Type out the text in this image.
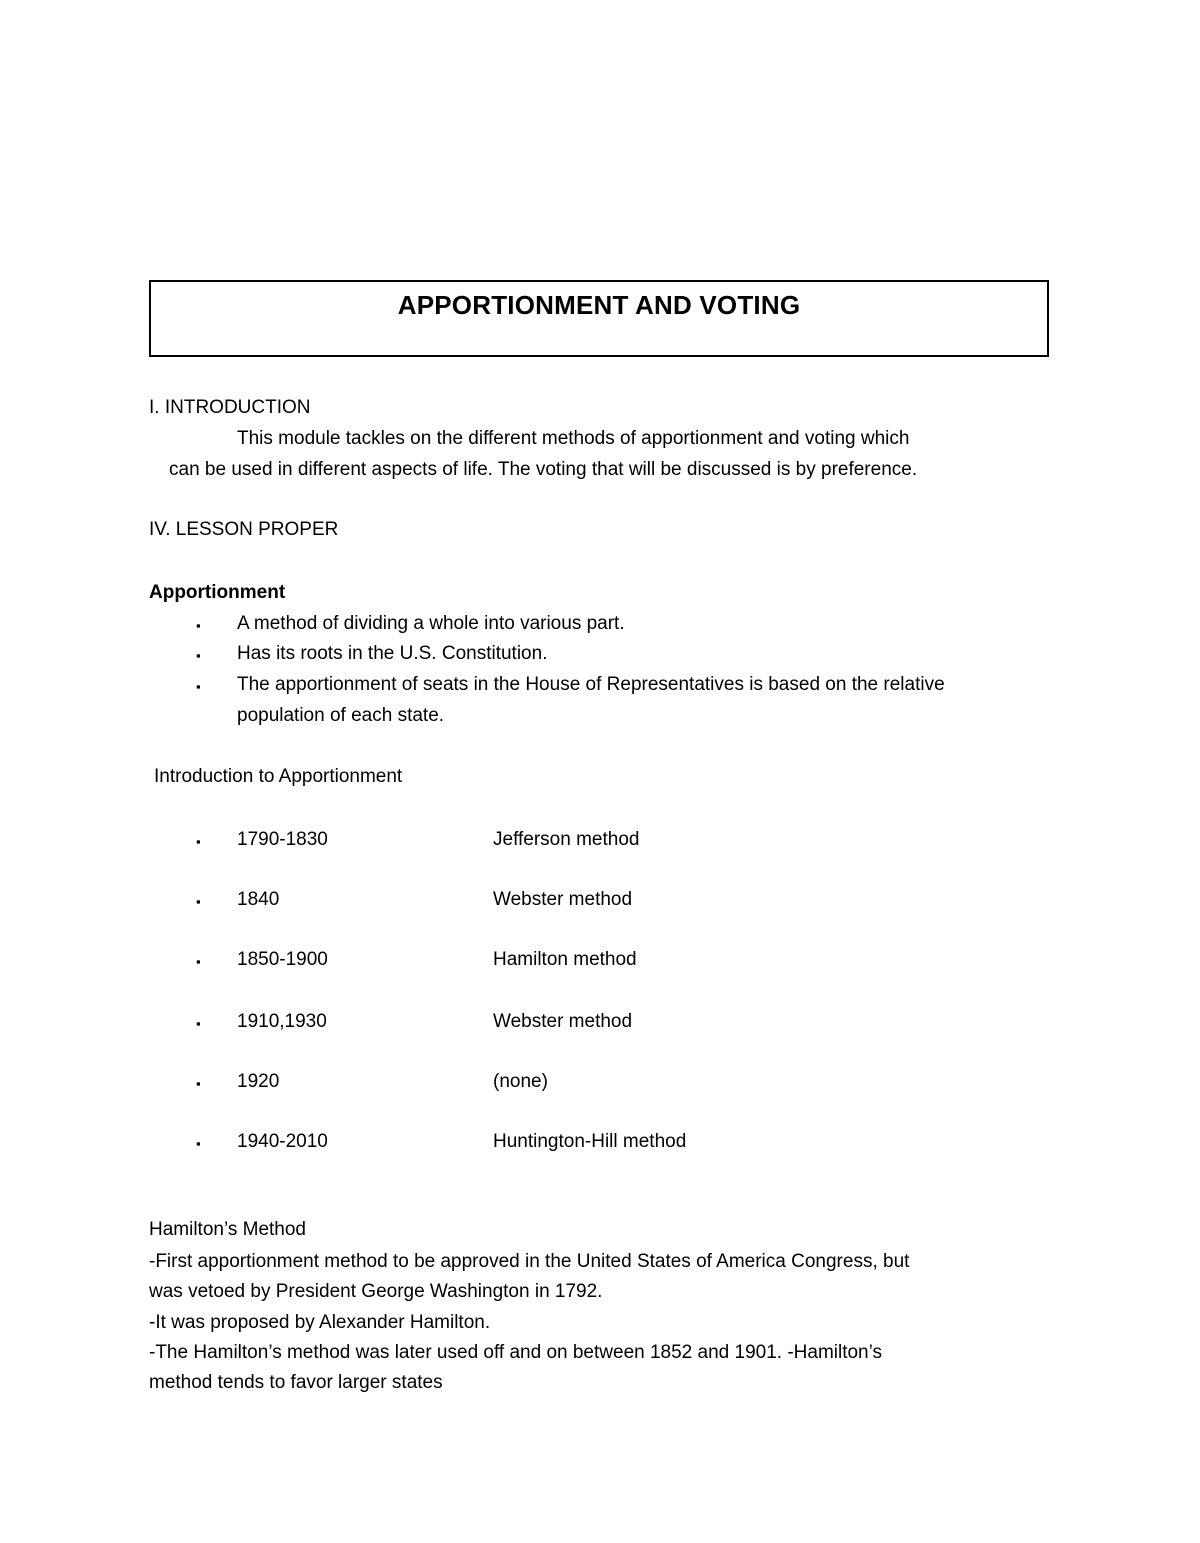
APPORTIONMENT AND VOTING
I. INTRODUCTION
This module tackles on the different methods of apportionment and voting which
can be used in different aspects of life. The voting that will be discussed is by preference.
IV. LESSON PROPER
Apportionment
▪ A method of dividing a whole into various part.
▪ Has its roots in the U.S. Constitution.
▪ The apportionment of seats in the House of Representatives is based on the relative
population of each state.
Introduction to Apportionment
▪ 1790-1830	Jefferson method
▪ 1840	Webster method
▪ 1850-1900	Hamilton method
▪ 1910,1930	Webster method
▪ 1920	(none)
▪ 1940-2010	Huntington-Hill method
Hamilton’s Method
-First apportionment method to be approved in the United States of America Congress, but
was vetoed by President George Washington in 1792.
-It was proposed by Alexander Hamilton.
-The Hamilton’s method was later used off and on between 1852 and 1901. -Hamilton’s
method tends to favor larger states
